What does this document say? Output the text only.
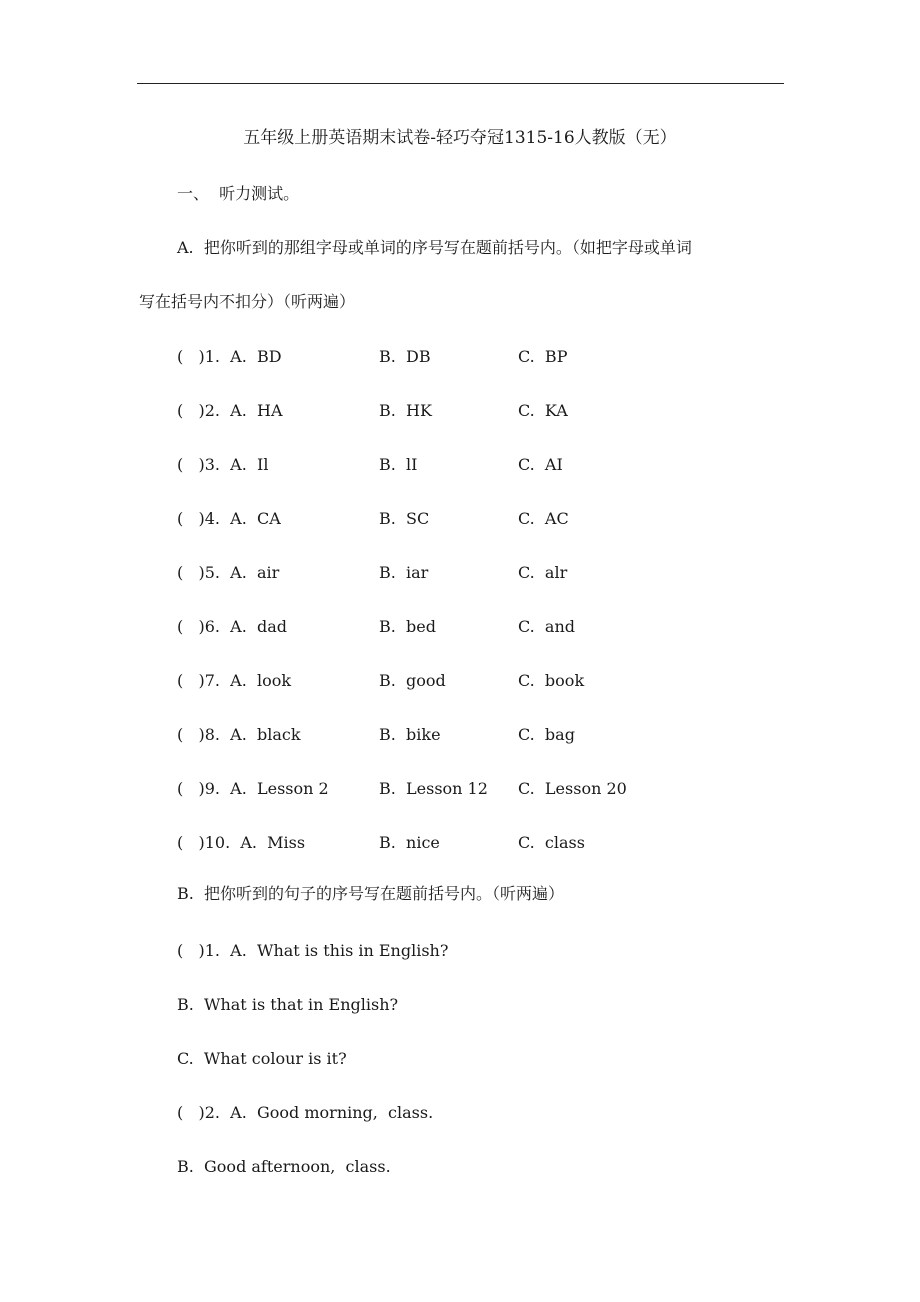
五年级上册英语期末试卷-轻巧夺冠1315-16人教版（无）
一、  听力测试。
A.  把你听到的那组字母或单词的序号写在题前括号内。（如把字母或单词
写在括号内不扣分）（听两遍）
(   )1.  A.  BD	B.  DB	C.  BP
(   )2.  A.  HA	B.  HK	C.  KA
(   )3.  A.  Il	B.  lI	C.  AI
(   )4.  A.  CA	B.  SC	C.  AC
(   )5.  A.  air	B.  iar	C.  alr
(   )6.  A.  dad	B.  bed	C.  and
(   )7.  A.  look	B.  good	C.  book
(   )8.  A.  black	B.  bike	C.  bag
(   )9.  A.  Lesson 2	B.  Lesson 12 C.  Lesson 20
(   )10.  A.  Miss	B.  nice	C.  class
B.  把你听到的句子的序号写在题前括号内。（听两遍）
(   )1.  A.  What is this in English?
B.  What is that in English?
C.  What colour is it?
(   )2.  A.  Good morning,  class.
B.  Good afternoon,  class.
